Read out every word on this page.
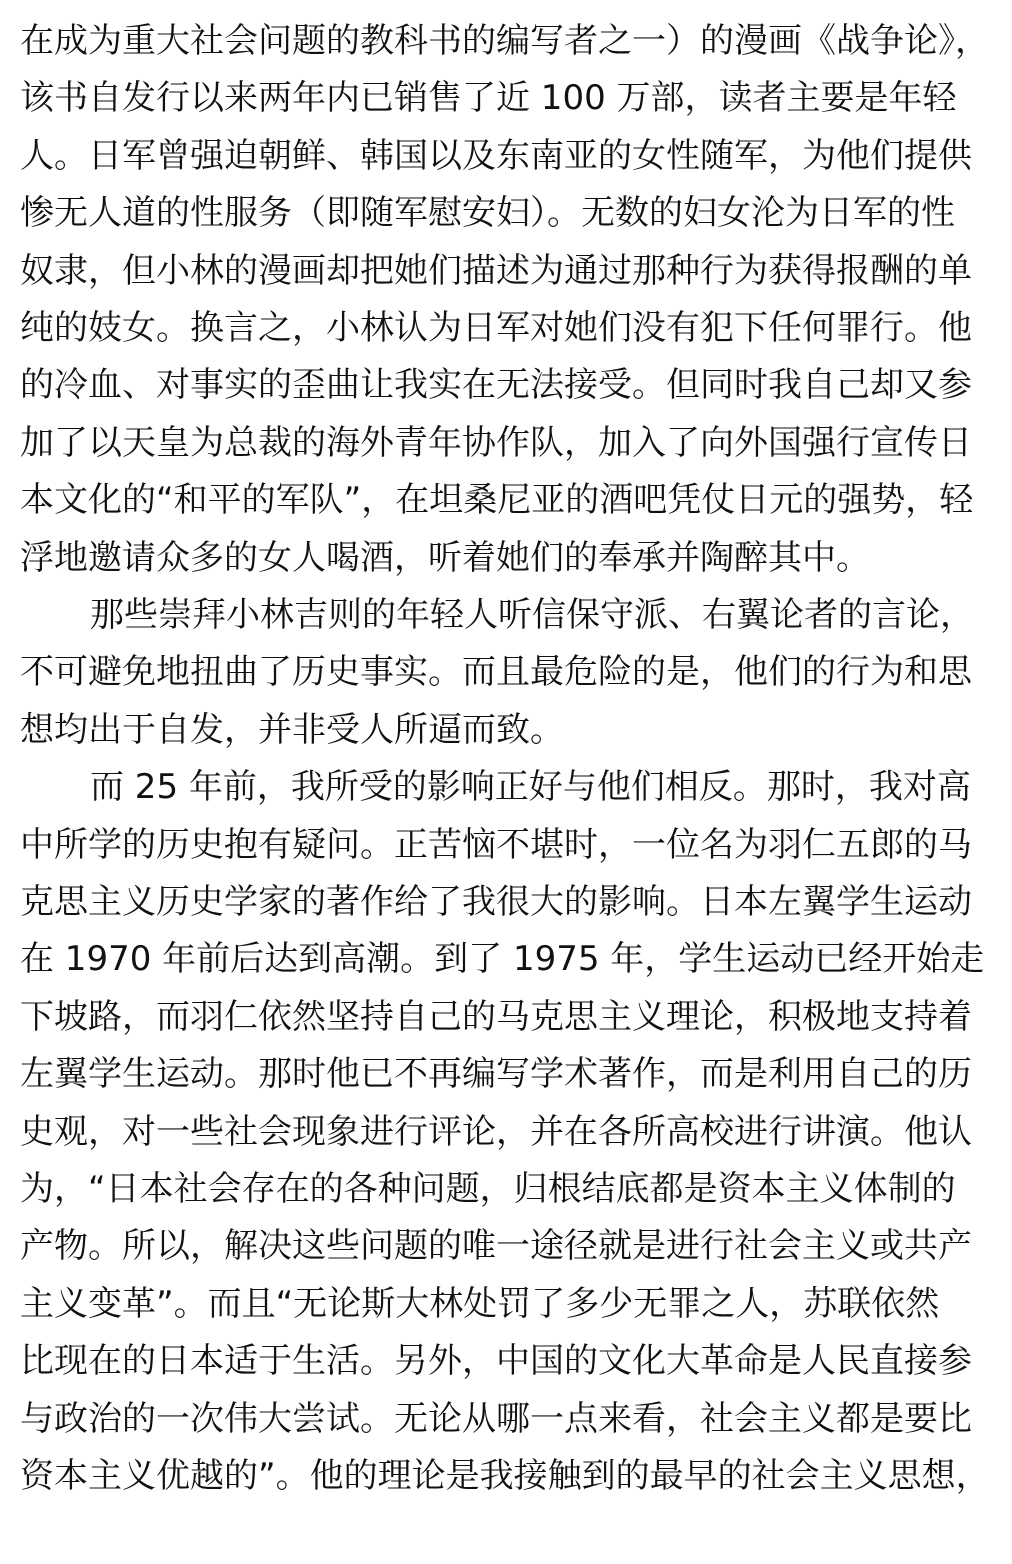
在成为重大社会问题的教科书的编写者之一）的漫画《战争论》，

该书自发行以来两年内已销售了近 100 万部，读者主要是年轻

人。日军曾强迫朝鲜、韩国以及东南亚的女性随军，为他们提供

惨无人道的性服务（即随军慰安妇）。无数的妇女沦为日军的性

奴隶，但小林的漫画却把她们描述为通过那种行为获得报酬的单

纯的妓女。换言之，小林认为日军对她们没有犯下任何罪行。他

的冷血、对事实的歪曲让我实在无法接受。但同时我自己却又参

加了以天皇为总裁的海外青年协作队，加入了向外国强行宣传日

本文化的“和平的军队”，在坦桑尼亚的酒吧凭仗日元的强势，轻

浮地邀请众多的女人喝酒，听着她们的奉承并陶醉其中。

那些崇拜小林吉则的年轻人听信保守派、右翼论者的言论，

不可避免地扭曲了历史事实。而且最危险的是，他们的行为和思

想均出于自发，并非受人所逼而致。

而 25 年前，我所受的影响正好与他们相反。那时，我对高

中所学的历史抱有疑问。正苦恼不堪时，一位名为羽仁五郎的马

克思主义历史学家的著作给了我很大的影响。日本左翼学生运动

在 1970 年前后达到高潮。到了 1975 年，学生运动已经开始走

下坡路，而羽仁依然坚持自己的马克思主义理论，积极地支持着

左翼学生运动。那时他已不再编写学术著作，而是利用自己的历

史观，对一些社会现象进行评论，并在各所高校进行讲演。他认

为，“日本社会存在的各种问题，归根结底都是资本主义体制的

产物。所以，解决这些问题的唯一途径就是进行社会主义或共产

主义变革”。而且“无论斯大林处罚了多少无罪之人，苏联依然

比现在的日本适于生活。另外，中国的文化大革命是人民直接参

与政治的一次伟大尝试。无论从哪一点来看，社会主义都是要比

资本主义优越的”。他的理论是我接触到的最早的社会主义思想，
